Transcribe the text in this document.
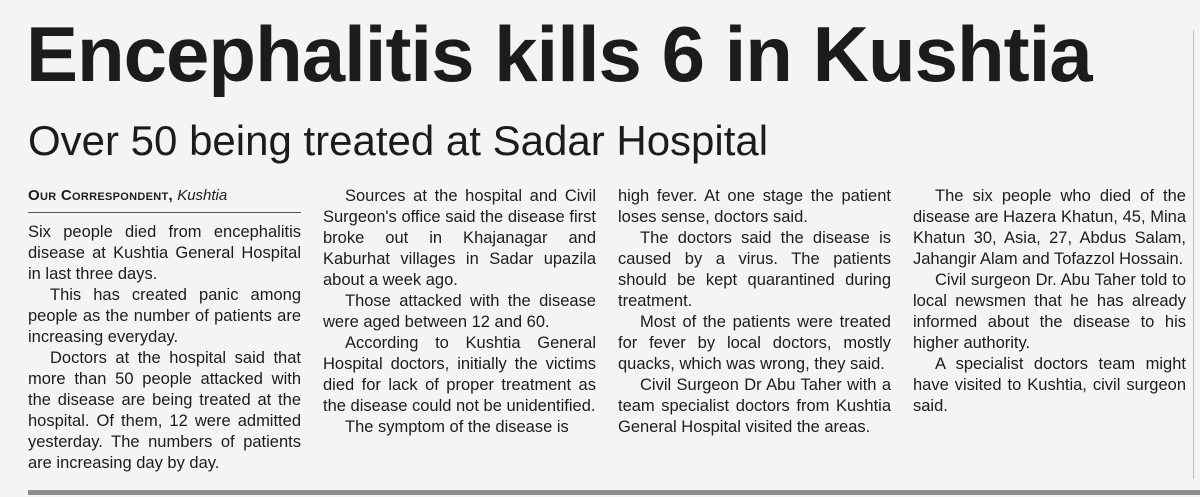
Encephalitis kills 6 in Kushtia
Over 50 being treated at Sadar Hospital
Our Correspondent, Kushtia

Six people died from encephalitis disease at Kushtia General Hospital in last three days.

This has created panic among people as the number of patients are increasing everyday.

Doctors at the hospital said that more than 50 people attacked with the disease are being treated at the hospital. Of them, 12 were admitted yesterday. The numbers of patients are increasing day by day.

Sources at the hospital and Civil Surgeon's office said the disease first broke out in Khajanagar and Kaburhat villages in Sadar upazila about a week ago.

Those attacked with the disease were aged between 12 and 60.

According to Kushtia General Hospital doctors, initially the victims died for lack of proper treatment as the disease could not be unidentified.

The symptom of the disease is

high fever. At one stage the patient loses sense, doctors said.

The doctors said the disease is caused by a virus. The patients should be kept quarantined during treatment.

Most of the patients were treated for fever by local doctors, mostly quacks, which was wrong, they said.

Civil Surgeon Dr Abu Taher with a team specialist doctors from Kushtia General Hospital visited the areas.

The six people who died of the disease are Hazera Khatun, 45, Mina Khatun 30, Asia, 27, Abdus Salam, Jahangir Alam and Tofazzol Hossain.

Civil surgeon Dr. Abu Taher told to local newsmen that he has already informed about the disease to his higher authority.

A specialist doctors team might have visited to Kushtia, civil surgeon said.
